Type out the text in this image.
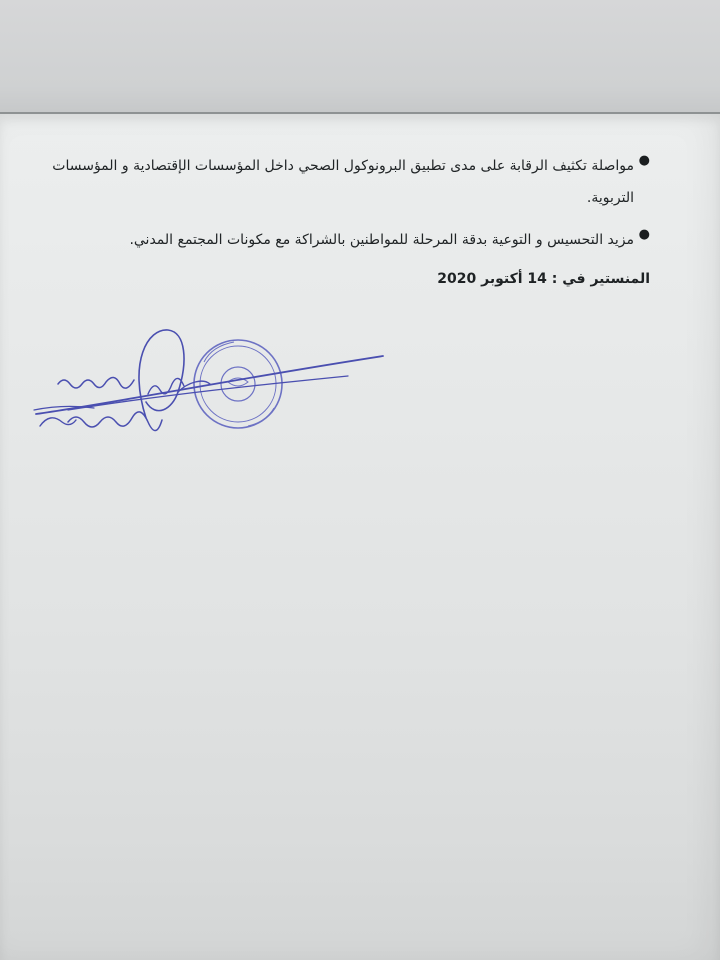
●
مواصلة تكثيف الرقابة على مدى تطبيق البرونوكول الصحي داخل المؤسسات الإقتصادية و المؤسسات التربوية.
●
مزيد التحسيس و التوعية بدقة المرحلة للمواطنين بالشراكة مع مكونات المجتمع المدني.
المنستير في : 14 أكتوبر 2020
